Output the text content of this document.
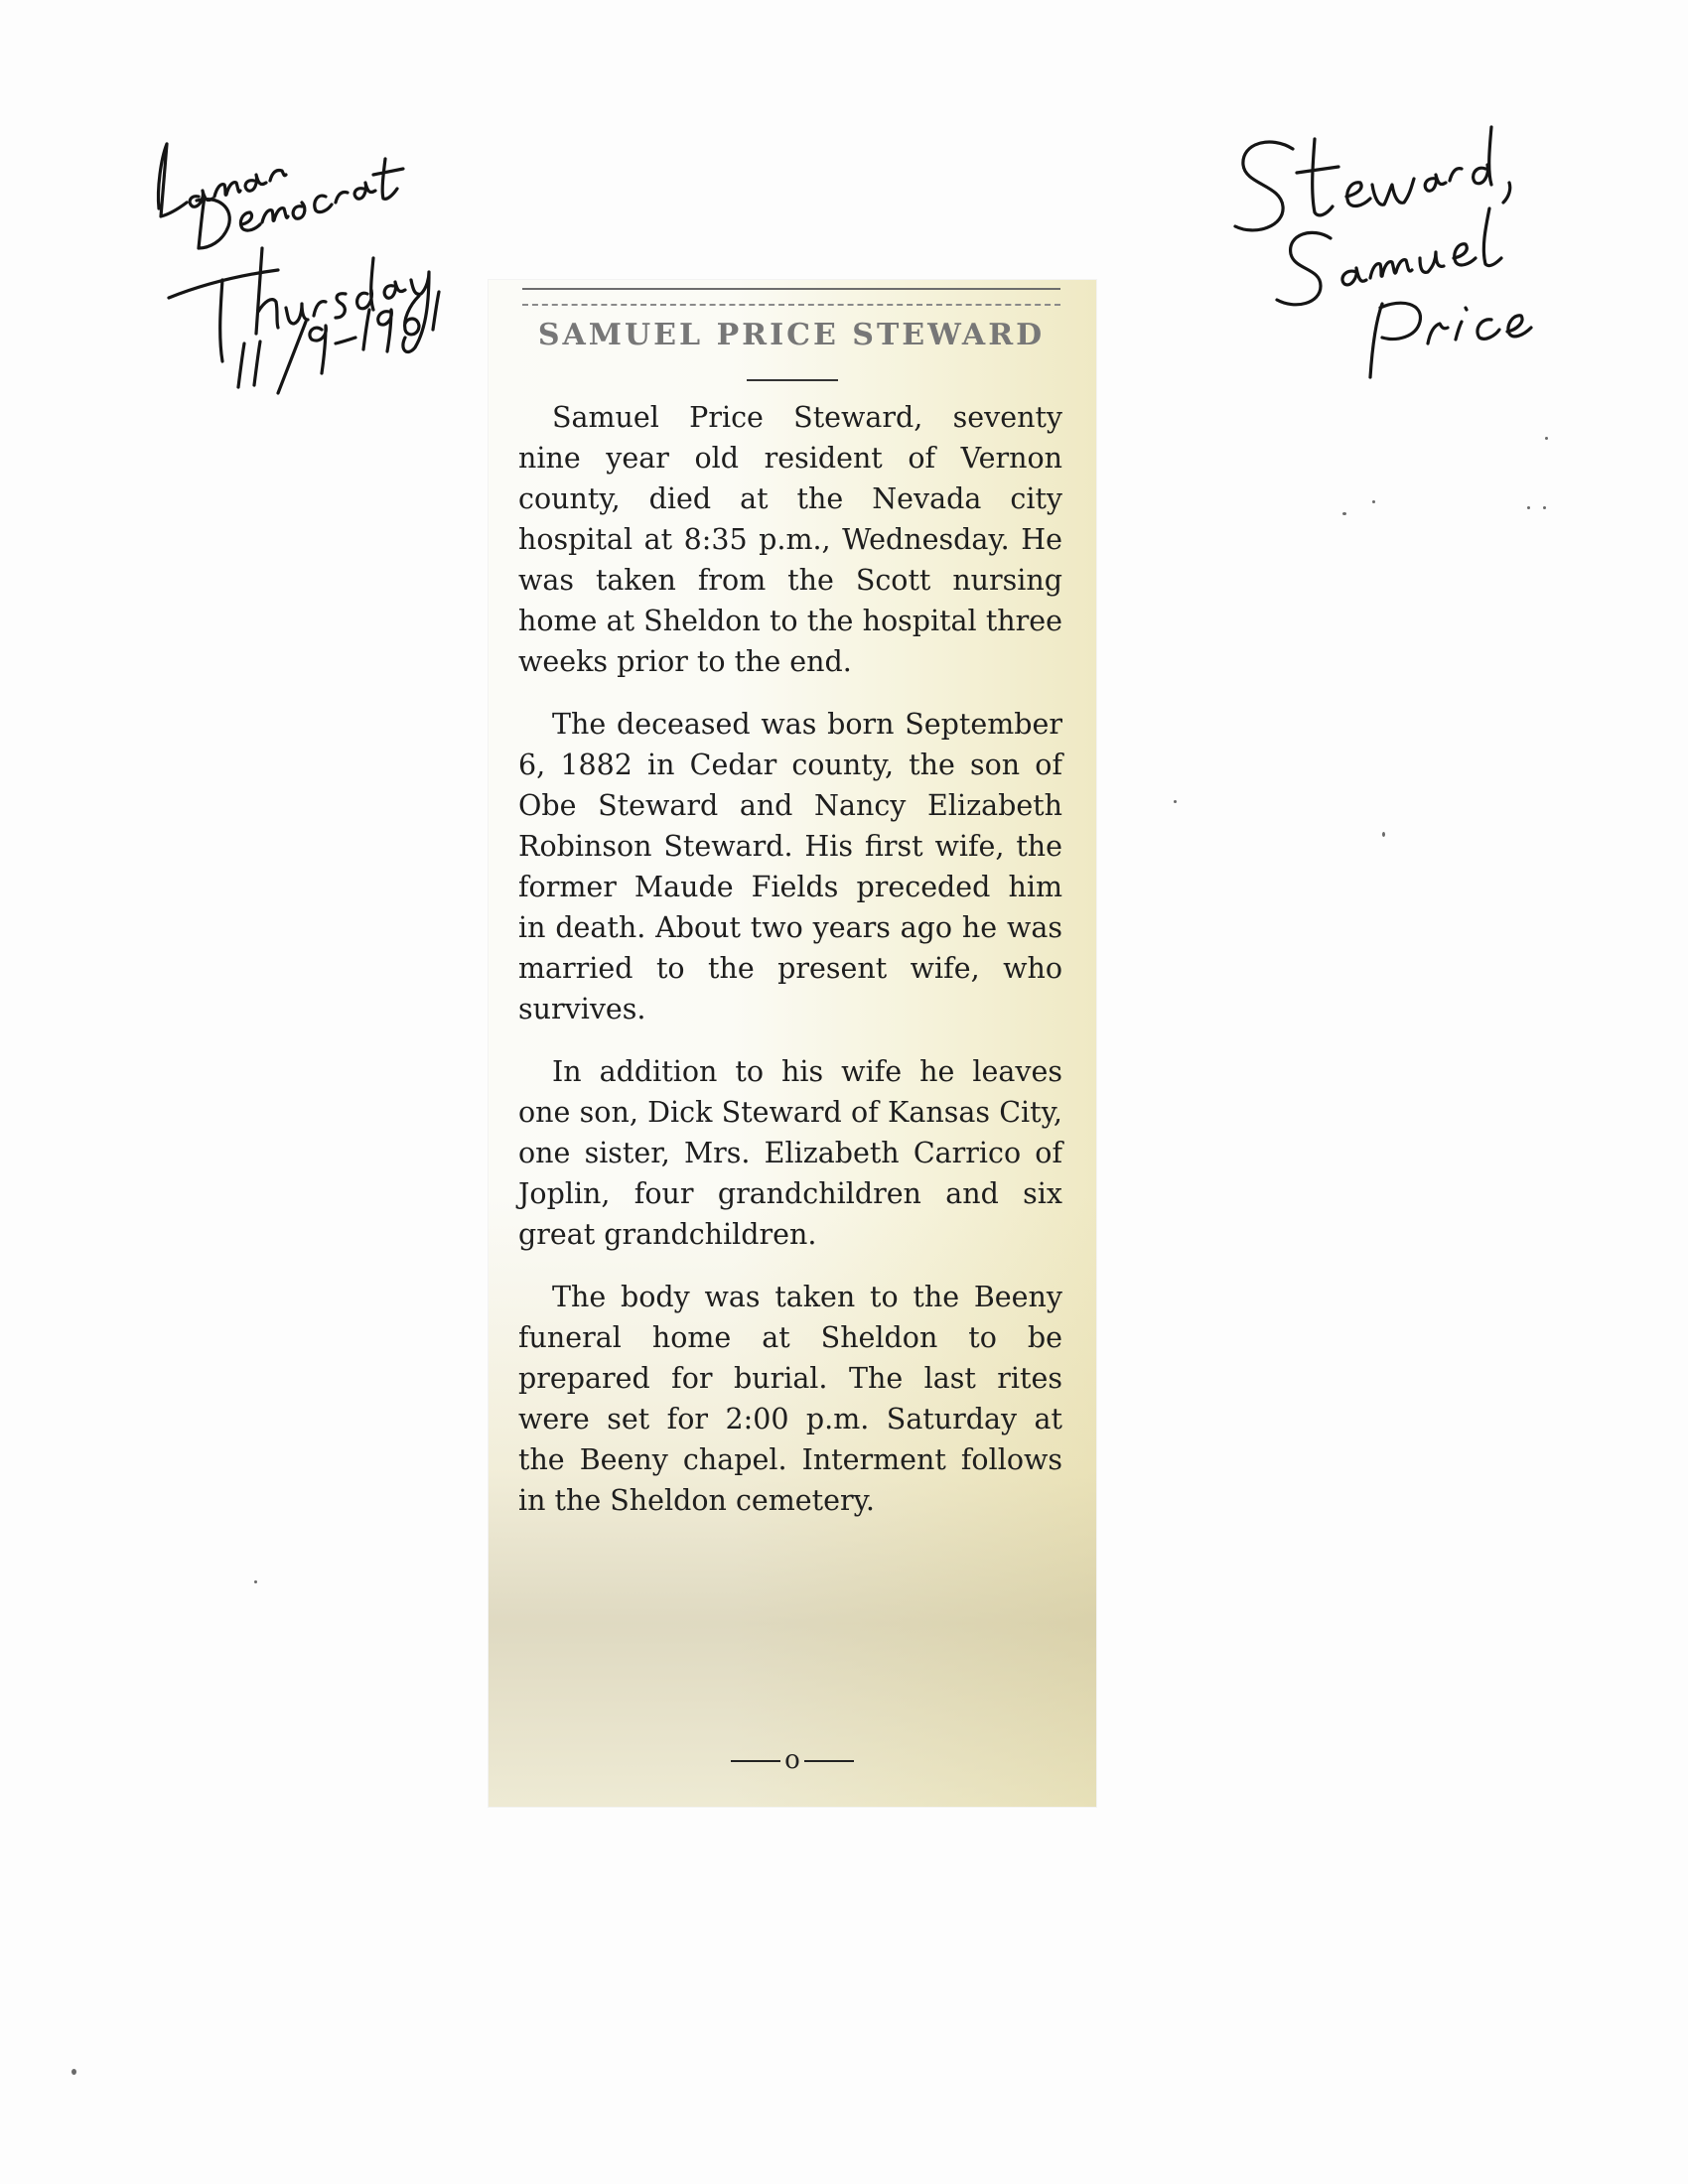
SAMUEL PRICE STEWARD

Samuel Price Steward, seventy nine year old resident of Vernon county, died at the Nevada city hospital at 8:35 p.m., Wednesday. He was taken from the Scott nursing home at Sheldon to the hospital three weeks prior to the end.

The deceased was born September 6, 1882 in Cedar county, the son of Obe Steward and Nancy Elizabeth Robinson Steward. His first wife, the former Maude Fields preceded him in death. About two years ago he was married to the present wife, who survives.

In addition to his wife he leaves one son, Dick Steward of Kansas City, one sister, Mrs. Elizabeth Carrico of Joplin, four grandchildren and six great grandchildren.

The body was taken to the Beeny funeral home at Sheldon to be prepared for burial. The last rites were set for 2:00 p.m. Saturday at the Beeny chapel. Interment follows in the Sheldon cemetery.

o
